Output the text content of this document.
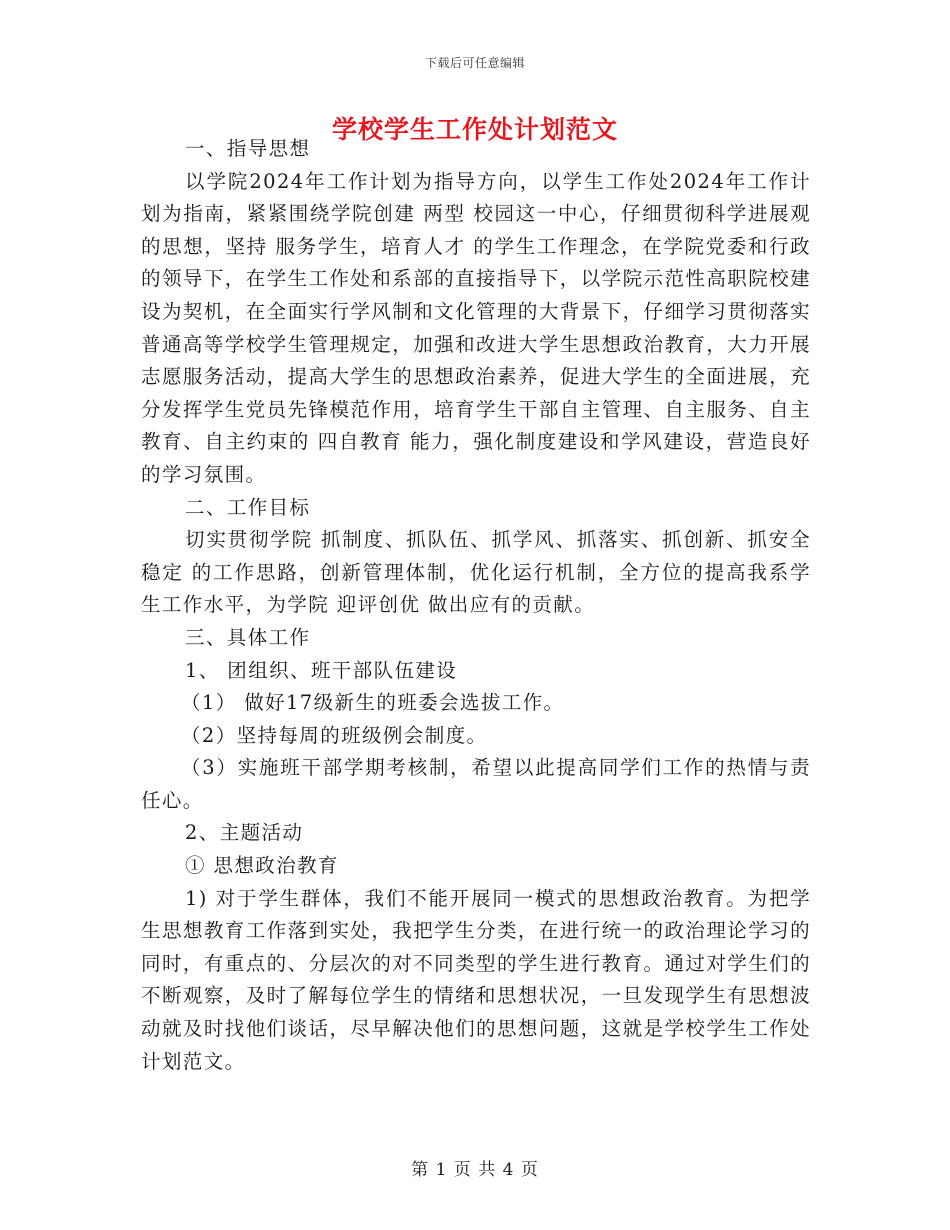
下载后可任意编辑
学校学生工作处计划范文

一、指导思想

以学院2024年工作计划为指导方向，以学生工作处2024年工作计划为指南，紧紧围绕学院创建 两型 校园这一中心，仔细贯彻科学进展观的思想，坚持 服务学生，培育人才 的学生工作理念，在学院党委和行政的领导下，在学生工作处和系部的直接指导下，以学院示范性高职院校建设为契机，在全面实行学风制和文化管理的大背景下，仔细学习贯彻落实普通高等学校学生管理规定，加强和改进大学生思想政治教育，大力开展志愿服务活动，提高大学生的思想政治素养，促进大学生的全面进展，充分发挥学生党员先锋模范作用，培育学生干部自主管理、自主服务、自主教育、自主约束的 四自教育 能力，强化制度建设和学风建设，营造良好的学习氛围。

二、工作目标

切实贯彻学院 抓制度、抓队伍、抓学风、抓落实、抓创新、抓安全稳定 的工作思路，创新管理体制，优化运行机制，全方位的提高我系学生工作水平，为学院 迎评创优 做出应有的贡献。

三、具体工作

1、 团组织、班干部队伍建设

（1） 做好17级新生的班委会选拔工作。

（2）坚持每周的班级例会制度。

（3）实施班干部学期考核制，希望以此提高同学们工作的热情与责任心。

2、主题活动

① 思想政治教育

1) 对于学生群体，我们不能开展同一模式的思想政治教育。为把学生思想教育工作落到实处，我把学生分类，在进行统一的政治理论学习的同时，有重点的、分层次的对不同类型的学生进行教育。通过对学生们的不断观察，及时了解每位学生的情绪和思想状况，一旦发现学生有思想波动就及时找他们谈话，尽早解决他们的思想问题，这就是学校学生工作处计划范文。

第 1 页 共 4 页
